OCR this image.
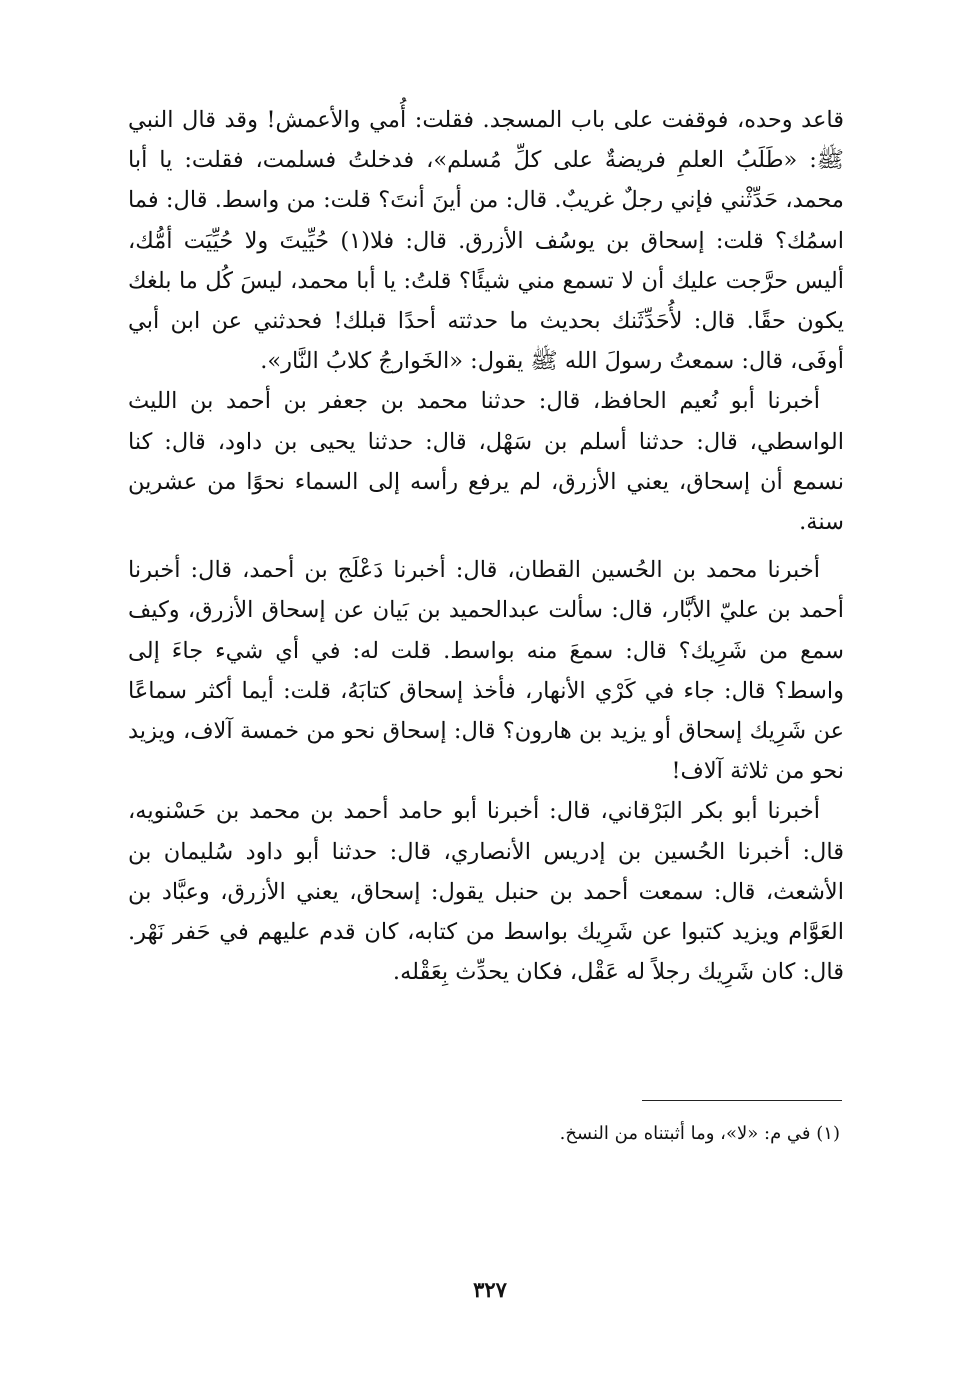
قاعد وحده، فوقفت على باب المسجد. فقلت: أُمي والأعمش! وقد قال النبي ﷺ: «طَلَبُ العلمِ فريضةٌ على كلِّ مُسلم»، فدخلتُ فسلمت، فقلت: يا أبا محمد، حَدِّثْني فإني رجلٌ غريبٌ. قال: من أينَ أنتَ؟ قلت: من واسط. قال: فما اسمُك؟ قلت: إسحاق بن يوسُف الأزرق. قال: فلا(١) حُيِّيتَ ولا حُيِّيَت أمُّك، أليس حرَّجت عليك أن لا تسمع مني شيئًا؟ قلتُ: يا أبا محمد، ليسَ كُل ما بلغك يكون حقًا. قال: لأُحَدِّثَنك بحديث ما حدثته أحدًا قبلك! فحدثني عن ابن أبي أوفَى، قال: سمعتُ رسولَ الله ﷺ يقول: «الخَوارجُ كلابُ النَّار».

أخبرنا أبو نُعيم الحافظ، قال: حدثنا محمد بن جعفر بن أحمد بن الليث الواسطي، قال: حدثنا أسلم بن سَهْل، قال: حدثنا يحيى بن داود، قال: كنا نسمع أن إسحاق، يعني الأزرق، لم يرفع رأسه إلى السماء نحوًا من عشرين سنة.

أخبرنا محمد بن الحُسين القطان، قال: أخبرنا دَعْلَج بن أحمد، قال: أخبرنا أحمد بن عليّ الأبَّار، قال: سألت عبدالحميد بن بَيان عن إسحاق الأزرق، وكيف سمع من شَرِيك؟ قال: سمعَ منه بواسط. قلت له: في أي شيء جاءَ إلى واسط؟ قال: جاء في كَرْي الأنهار، فأخذ إسحاق كتابَهُ، قلت: أيما أكثر سماعًا عن شَرِيك إسحاق أو يزيد بن هارون؟ قال: إسحاق نحو من خمسة آلاف، ويزيد نحو من ثلاثة آلاف!

أخبرنا أبو بكر البَرْقاني، قال: أخبرنا أبو حامد أحمد بن محمد بن حَسْنويه، قال: أخبرنا الحُسين بن إدريس الأنصاري، قال: حدثنا أبو داود سُليمان بن الأشعث، قال: سمعت أحمد بن حنبل يقول: إسحاق، يعني الأزرق، وعبَّاد بن العَوَّام ويزيد كتبوا عن شَرِيك بواسط من كتابه، كان قدم عليهم في حَفر نَهْر. قال: كان شَرِيك رجلاً له عَقْل، فكان يحدِّث بِعَقْله.

(١) في م: «لا»، وما أثبتناه من النسخ.

٣٢٧
